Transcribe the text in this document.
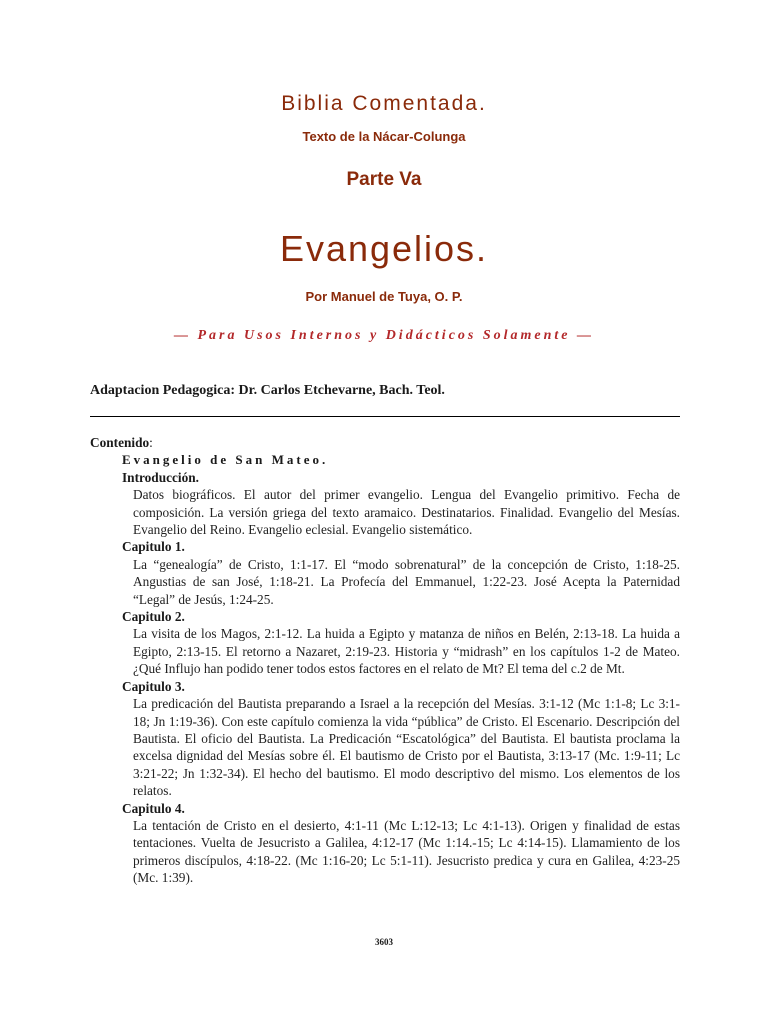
Biblia Comentada.
Texto de la Nácar-Colunga
Parte Va
Evangelios.
Por Manuel de Tuya, O. P.
— Para Usos Internos y Didácticos Solamente —
Adaptacion Pedagogica: Dr. Carlos Etchevarne, Bach. Teol.
Contenido:
Evangelio de San Mateo.
Introducción.
Datos biográficos. El autor del primer evangelio. Lengua del Evangelio primitivo. Fecha de composición. La versión griega del texto aramaico. Destinatarios. Finalidad. Evangelio del Mesías. Evangelio del Reino. Evangelio eclesial. Evangelio sistemático.
Capitulo 1.
La “genealogía” de Cristo, 1:1-17. El “modo sobrenatural” de la concepción de Cristo, 1:18-25. Angustias de san José, 1:18-21. La Profecía del Emmanuel, 1:22-23. José Acepta la Paternidad “Legal” de Jesús, 1:24-25.
Capitulo 2.
La visita de los Magos, 2:1-12. La huida a Egipto y matanza de niños en Belén, 2:13-18. La huida a Egipto, 2:13-15. El retorno a Nazaret, 2:19-23. Historia y “midrash” en los capítulos 1-2 de Mateo. ¿Qué Influjo han podido tener todos estos factores en el relato de Mt? El tema del c.2 de Mt.
Capitulo 3.
La predicación del Bautista preparando a Israel a la recepción del Mesías. 3:1-12 (Mc 1:1-8; Lc 3:1-18; Jn 1:19-36). Con este capítulo comienza la vida “pública” de Cristo. El Escenario. Descripción del Bautista. El oficio del Bautista. La Predicación “Escatológica” del Bautista. El bautista proclama la excelsa dignidad del Mesías sobre él. El bautismo de Cristo por el Bautista, 3:13-17 (Mc. 1:9-11; Lc 3:21-22; Jn 1:32-34). El hecho del bautismo. El modo descriptivo del mismo. Los elementos de los relatos.
Capitulo 4.
La tentación de Cristo en el desierto, 4:1-11 (Mc L:12-13; Lc 4:1-13). Origen y finalidad de estas tentaciones. Vuelta de Jesucristo a Galilea, 4:12-17 (Mc 1:14.-15; Lc 4:14-15). Llamamiento de los primeros discípulos, 4:18-22. (Mc 1:16-20; Lc 5:1-11). Jesucristo predica y cura en Galilea, 4:23-25 (Mc. 1:39).
3603
